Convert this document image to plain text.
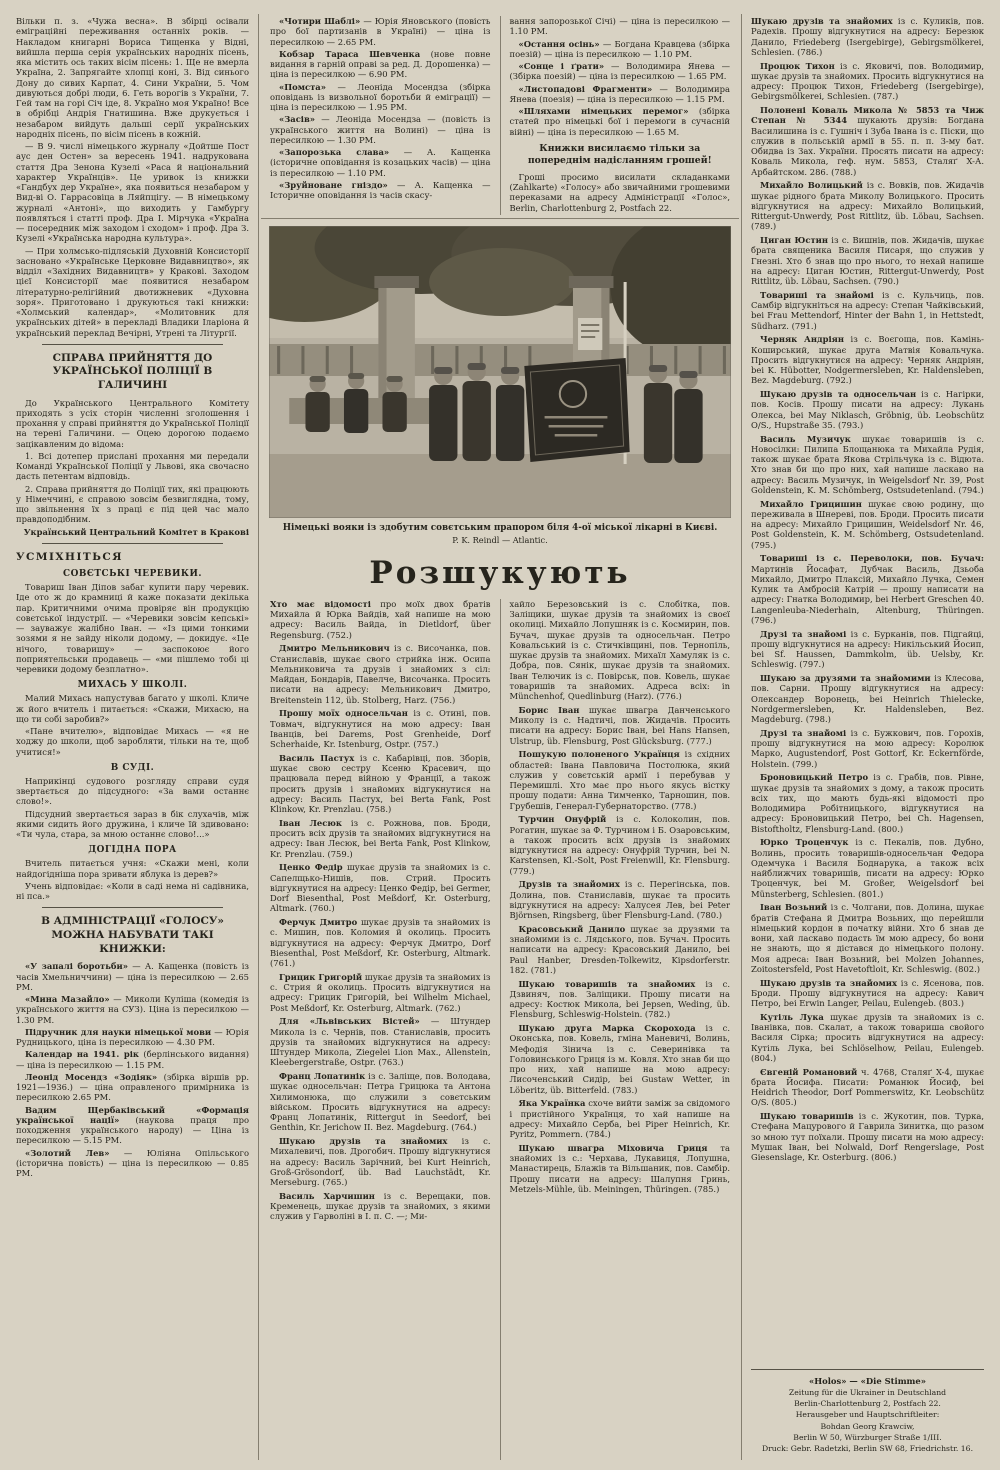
Вільки п. з. «Чужа весна». В збірці осівали еміграційні переживання останніх років. — Накладом книгарні Вориса Тищенка у Відні, вийшла перша серія українських народніх пісень, яка містить ось таких вісім пісень: 1. Ще не вмерла Україна, 2. Запрягайте хлопці коні, 3. Від синього Дону до сивих Карпат, 4. Сини України, 5. Чом дивуються добрі люди, 6. Геть ворогів з України, 7. Гей там на горі Січ іде, 8. Україно моя Україно! Все в обрібці Андрія Гнатишина. Вже друкується і незабаром вийдуть дальші серії українських народніх пісень, по вісім пісень в кожній.
— В 9. числі німецького журналу «Дойтше Пост аус ден Остен» за вересень 1941. надрукована стаття Дра Зенона Кузелі «Раса й національний характер Українців». Це уривок із книжки «Гандбух дер Україне», яка появиться незабаром у Вид-ві О. Гаррасовіца в Ляйпцігу. — В німецькому журналі «Антоні», що виходить у Гамбургу появляться і статті проф. Дра І. Мірчука «Україна — посередник між заходом і сходом» і проф. Дра З. Кузелі «Українська народна культура».
— При холмсько-підляській Духовній Консисторії засновано «Українське Церковне Видавництво», як відділ «Західних Видавництв» у Кракові. Заходом цієї Консисторії має появитися незабаром літературно-релігійний двотижневик «Духовна зоря». Приготовано і друкуються такі книжки: «Холмський календар», «Молитовник для українських дітей» в перекладі Владики Іларіона й український переклад Вечірні, Утрені та Літургії.
СПРАВА ПРИЙНЯТТЯ ДО УКРАЇНСЬКОЇ ПОЛІЦІЇ В ГАЛИЧИНІ
До Українського Центрального Комітету приходять з усіх сторін численні зголошення і прохання у справі прийняття до Української Поліції на терені Галичини. — Оцею дорогою подаємо зацікавленим до відома:
1. Всі дотепер прислані прохання ми передали Команді Української Поліції у Львові, яка свочасно дасть петентам відповідь.
2. Справа прийняття до Поліції тих, які працюють у Німеччині, є справою зовсім безвиглядна, тому, що звільнення їх з праці є під цей час мало правдоподібним.
Український Центральний Комітет в Кракові
УСМІХНІТЬСЯ
СОВЄТСЬКІ ЧЕРЕВИКИ.
Товариш Іван Діпов забаг купити пару черевик. Іде ото ж до крамниці й каже показати декілька пар. Критичними очима провіряє він продукцію совєтської індустрії. — «Черевики зовсім кепські» — зауважує жалібно Іван. — «Із цими тонкими зозями я не зайду ніколи додому, — докидує. «Це нічого, товаришу» — заспокоює його поприятельськи продавець — «ми пішлемо тобі ці черевики додому безплатно».
МИХАСЬ У ШКОЛІ.
Малий Михась напустував багато у школі. Кличе ж його вчитель і питається: «Скажи, Михасю, на що ти собі заробив?»
«Пане вчителю», відповідає Михась — «я не ходжу до школи, щоб заробляти, тільки на те, щоб учитися!»
В СУДІ.
Наприкінці судового розгляду справи судя звертається до підсудного: «За вами останнє слово!».
Підсудний звертається зараз в бік слухачів, між якими сидить його дружина, і кличе їй здивовано: «Ти чула, стара, за мною останнє слово!...»
ДОГІДНА ПОРА
Вчитель питається учня: «Скажи мені, коли найдогідніша пора зривати яблука із дерев?»
Учень відповідає: «Коли в саді нема ні садівника, ні пса.»
В АДМІНІСТРАЦІЇ «ГОЛОСУ» МОЖНА НАБУВАТИ ТАКІ КНИЖКИ:
«У запалі боротьби» — А. Кащенка (повість із часів Хмельниччини) — ціна із пересилкою — 2.65 РМ.
«Мина Мазайло» — Миколи Куліша (комедія із українського життя на СУЗ). Ціна із пересилкою — 1.30 РМ.
Підручник для науки німецької мови — Юрія Рудницького, ціна із пересилкою — 4.30 РМ.
Календар на 1941. рік (берлінського видання) — ціна із пересилкою — 1.15 РМ.
Леонід Мосендз «Зодіяк» (збірка віршів рр. 1921—1936.) — ціна оправленого примірника із пересилкою 2.65 РМ.
Вадим Щербаківський «Формація української нації» (наукова праця про походження українського народу) — Ціна із пересилкою — 5.15 РМ.
«Золотий Лев» — Юліяна Опільського (історична повість) — ціна із пересилкою — 0.85 РМ.
«Чотири Шаблі» — Юрія Яновського (повість про бої партизанів в Україні) — ціна із пересилкою — 2.65 РМ.
Кобзар Тараса Шевченка (нове повне видання в гарній оправі за ред. Д. Дорошенка) — ціна із пересилкою — 6.90 РМ.
«Помста» — Леоніда Мосендза (збірка оповідань із визвольної боротьби й еміграції) — ціна із пересилкою — 1.95 РМ.
«Засів» — Леоніда Мосендза — (повість із українського життя на Волині) — ціна із пересилкою — 1.30 РМ.
«Запорозька слава» — А. Кащенка (історичне оповідання із козацьких часів) — ціна із пересилкою — 1.10 РМ.
«Зруйноване гніздо» — А. Кащенка — Історичне оповідання із часів скасу-
вання запорозької Січі) — ціна із пересилкою — 1.10 РМ.
«Остання осінь» — Богдана Кравцева (збірка поезій) — ціна із пересилкою — 1.10 РМ.
«Сонце і ґрати» — Володимира Янева — (Збірка поезій) — ціна із пересилкою — 1.65 РМ.
«Листопадові Фрагменти» — Володимира Янева (поезія) — ціна із пересилкою — 1.15 РМ.
«Шляхами німецьких перемог» (збірка статей про німецькі бої і перемоги в сучасній війні) — ціна із пересилкою — 1.65 М.
Книжки висилаємо тільки за попереднім надісланням грошей!
Гроші просимо висилати складанками (Zahlkarte) «Голосу» або звичайними грошевими переказами на адресу Адміністрації «Голос», Berlin, Charlottenburg 2, Postfach 22.
Німецькі вояки із здобутим совєтським прапором біля 4-ої міської лікарні в Києві.
P. K. Reindl — Atlantic.
Розшукують
Хто має відомості про моїх двох братів Михайла й Юрка Вайдів, хай напише на мою адресу: Василь Вайда, in Dietldorf, über Regensburg. (752.)
Дмитро Мельникович із с. Височанка, пов. Станиславів, шукає свого стрийка інж. Осипа Мельниковича та друзів і знайомих з сіл: Майдан, Бондарів, Павелче, Височанка. Просить писати на адресу: Мельникович Дмитро, Breitenstein 112, üb. Stolberg, Harz. (756.)
Прошу моїх односельчан із с. Отині, пов. Товмач, відгукнутися на мою адресу: Іван Іванців, bei Darems, Post Grenheide, Dorf Scherhaide, Kr. Istenburg, Ostpr. (757.)
Василь Пастух із с. Кабарівці, пов. Зборів, шукає свою сестру Ксеню Красевич, що працювала перед війною у Франції, а також просить друзів і знайомих відгукнутися на адресу: Василь Пастух, bei Berta Fank, Post Klinkow, Kr. Prenzlau. (758.)
Іван Лесюк із с. Рожнова, пов. Броди, просить всіх друзів та знайомих відгукнутися на адресу: Іван Лесюк, bei Berta Fank, Post Klinkow, Kr. Prenzlau. (759.)
Ценко Федір шукає друзів та знайомих із с. Сапелщько-Нишів, пов. Стрий. Просить відгукнутися на адресу: Ценко Федір, bei Germer, Dorf Biesenthal, Post Meßdorf, Kr. Osterburg, Altmark. (760.)
Ферчук Дмитро шукає друзів та знайомих із с. Мишин, пов. Коломия й околиць. Просить відгукнутися на адресу: Ферчук Дмитро, Dorf Biesenthal, Post Meßdorf, Kr. Osterburg, Altmark. (761.)
Грицик Григорій шукає друзів та знайомих із с. Стрия й околиць. Просить відгукнутися на адресу: Грицик Григорій, bei Wilhelm Michael, Post Meßdorf, Kr. Osterburg, Altmark. (762.)
Для «Львівських Вістей» — Штундер Микола із с. Чернів, пов. Станиславів, просить друзів та знайомих відгукнутися на адресу: Штундер Микола, Ziegelei Lion Max., Allenstein, Kleebergerstraße, Ostpr. (763.)
Франц Лопатинік із с. Заліще, пов. Володава, шукає односельчан: Петра Грицюка та Антона Хилимонюка, що служили з совєтським військом. Просить відгукнутися на адресу: Франц Лопатинік, Rittergut in Seedorf, bei Genthin, Kr. Jerichow II. Bez. Magdeburg. (764.)
Шукаю друзів та знайомих із с. Михалевичі, пов. Дрогобич. Прошу відгукнутися на адресу: Василь Зарічний, bei Kurt Heinrich, Groß-Grösondorf, üb. Bad Lauchstädt, Kr. Merseburg. (765.)
Василь Харчишин із с. Верещаки, пов. Кременець, шукає друзів та знайомих, з якими служив у Гарволіні в І. п. С. —; Ми-
хайло Березовський із с. Слобітка, пов. Заліщики, шукає друзів та знайомих із своєї околиці. Михайло Лопушняк із с. Космирин, пов. Бучач, шукає друзів та односельчан. Петро Ковальський із с. Стичківщині, пов. Тернопіль, шукає друзів та знайомих. Михаїл Хамуляк із с. Добра, пов. Сянік, шукає друзів та знайомих. Іван Телючик із с. Повірськ, пов. Ковель, шукає товаришів та знайомих. Адреса всіх: in Münchenhof, Quedlinburg (Harz). (776.)
Борис Іван шукає швагра Данченського Миколу із с. Надтичі, пов. Жидачів. Просить писати на адресу: Борис Іван, bei Hans Hansen, Ulstrup, üb. Flensburg, Post Glücksburg. (777.)
Пошукую полоненого Українця із східних областей: Івана Павловича Постолюка, який служив у совєтській армії і перебував у Перемишлі. Хто має про нього якусь вістку прошу подати: Анна Тимченко, Тарношин, пов. Грубешів, Генерал-Губернаторство. (778.)
Турчин Онуфрій із с. Колоколин, пов. Рогатин, шукає за Ф. Турчином і Б. Озаровським, а також просить всіх друзів із знайомих відгукнутися на адресу: Онуфрій Турчин, bei N. Karstensen, Kl.-Solt, Post Freienwill, Kr. Flensburg. (779.)
Друзів та знайомих із с. Перегінська, пов. Долина, пов. Станиславів, шукає та просить відгукнутися на адресу: Халусея Лев, bei Peter Björnsen, Ringsberg, über Flensburg-Land. (780.)
Красовський Данило шукає за друзями та знайомими із с. Лядського, пов. Бучач. Просить написати на адресу: Красовський Данило, bei Paul Hanber, Dresden-Tolkewitz, Kipsdorferstr. 182. (781.)
Шукаю товаришів та знайомих із с. Дзвиняч, пов. Заліщики. Прошу писати на адресу: Костюк Микола, bei Jepsen, Weding, üb. Flensburg, Schleswig-Holstein. (782.)
Шукаю друга Марка Скорохода із с. Оконська, пов. Ковель, гміна Маневичі, Волинь, Мефодія Зінича із с. Северинівка та Головинського Гриця із м. Ковля. Хто знав би що про них, хай напише на мою адресу: Лисоченський Сидір, bei Gustaw Wetter, in Löberitz, üb. Bitterfeld. (783.)
Яка Українка схоче вийти заміж за свідомого і пристійного Українця, то хай напише на адресу: Михайло Серба, bei Piper Heinrich, Kr. Pyritz, Pommern. (784.)
Шукаю швагра Міховича Гриця та знайомих із с.: Черхава, Лукавиця, Лопушна, Манастирець, Блажів та Вільшаник, пов. Самбір. Прошу писати на адресу: Шалупня Гринь, Metzels-Mühle, üb. Meiningen, Thüringen. (785.)
Шукаю друзів та знайомих із с. Куликів, пов. Радехів. Прошу відгукнутися на адресу: Березюк Данило, Friedeberg (Isergebirge), Gebirgsmölkerei, Schlesien. (786.)
Процюк Тихон із с. Яковичі, пов. Володимир, шукає друзів та знайомих. Просить відгукнутися на адресу: Процюк Тихон, Friedeberg (Isergebirge), Gebirgsmölkerei, Schlesien. (787.)
Полонені Коваль Микола № 5853 та Чиж Степан № 5344 шукають друзів: Богдана Василишина із с. Гушніч і Зуба Івана із с. Піски, що служив в польській армії в 55. п. п. 3-му бат. Обидва із Зах. України. Просять писати на адресу: Коваль Микола, геф. нум. 5853, Сталяґ X-А. Арбайтском. 286. (788.)
Михайло Волицький із с. Вовків, пов. Жидачів шукає рідного брата Миколу Волицького. Просить відгукнутися на адресу: Михайло Волицький, Rittergut-Unwerdy, Post Rittlitz, üb. Löbau, Sachsen. (789.)
Циган Юстин із с. Вишнів, пов. Жидачів, шукає брата священика Василя Писаря, що служив у Гнезні. Хто б знав що про нього, то нехай напише на адресу: Циган Юстин, Rittergut-Unwerdy, Post Rittlitz, üb. Löbau, Sachsen. (790.)
Товариші та знайомі із с. Кульчиць, пов. Самбір відгукніться на адресу: Степан Чайківський, bei Frau Mettendorf, Hinter der Bahn 1, in Hettstedt, Südharz. (791.)
Черняк Андріян із с. Воєгоща, пов. Камінь-Коширський, шукає друга Матвія Ковальчука. Просить відгукнутися на адресу: Черняк Андріян, bei K. Hübotter, Nodgermersleben, Kr. Haldensleben, Bez. Magdeburg. (792.)
Шукаю друзів та односельчан із с. Нагірки, пов. Косів. Прошу писати на адресу: Лукань Олекса, bei May Niklasch, Gröbnig, üb. Leobschütz O/S., Hupstraße 35. (793.)
Василь Музичук шукає товаришів із с. Новосілки: Пилипа Блощанюка та Михайла Рудія, також шукає брата Якова Стрільчука із с. Відюта. Хто знав би що про них, хай напише ласкаво на адресу: Василь Музичук, in Weigelsdorf Nr. 39, Post Goldenstein, K. M. Schömberg, Ostsudetenland. (794.)
Михайло Грицишин шукає свою родину, що переживала в Шнереві, пов. Броди. Просить писати на адресу: Михайло Грицишин, Weidelsdorf Nr. 46, Post Goldenstein, K. M. Schömberg, Ostsudetenland. (795.)
Товариші із с. Переволоки, пов. Бучач: Мартинів Йосафат, Дубчак Василь, Дзьоба Михайло, Дмитро Плаксій, Михайло Лучка, Семен Кулик та Амбросій Катрій — прошу написати на адресу: Гнатка Володимир, bei Herbert Greschen 40. Langenleuba-Niederhain, Altenburg, Thüringen. (796.)
Друзі та знайомі із с. Бурканів, пов. Підгайці, прошу відгукнутися на адресу: Никільський Йосип, bei Sf. Haussen, Dammkolm, üb. Uelsby, Kr. Schleswig. (797.)
Шукаю за друзями та знайомими із Клесова, пов. Сарни. Прошу відгукнутися на адресу: Олександер Воронець, bei Heinrich Thielecke, Nordgermersleben, Kr. Haldensleben, Bez. Magdeburg. (798.)
Друзі та знайомі із с. Бужкович, пов. Горохів, прошу відгукнутися на мою адресу: Королюк Марко, Augustendorf, Post Gottorf, Kr. Eckernförde, Holstein. (799.)
Броновицький Петро із с. Грабів, пов. Рівне, шукає друзів та знайомих з дому, а також просить всіх тих, що мають будь-які відомості про Володимира Робітницького, відгукнутися на адресу: Броновицький Петро, bei Ch. Hagensen, Bistoftholtz, Flensburg-Land. (800.)
Юрко Троценчук із с. Пекалів, пов. Дубно, Волинь, просить товаришів-односельчан Федора Одемчука і Василя Боднарука, а також всіх найближчих товаришів, писати на адресу: Юрко Троценчук, bei M. Großer, Weigelsdorf bei Münsterberg, Schlesien. (801.)
Іван Возьний із с. Чолгани, пов. Долина, шукає братів Стефана й Дмитра Возьних, що перейшли німецький кордон в початку війни. Хто б знав де вони, хай ласкаво подасть їм мою адресу, бо вони не знають, що я дістався до німецького полону. Моя адреса: Іван Возьний, bei Molzen Johannes, Zoitostersfeld, Post Havetoftloit, Kr. Schleswig. (802.)
Шукаю друзів та знайомих із с. Ясенова, пов. Броди. Прошу відгукнутися на адресу: Кавич Петро, bei Erwin Langer, Peilau, Eulengeb. (803.)
Кутіль Лука шукає друзів та знайомих із с. Іванівка, пов. Скалат, а також товариша свойого Василя Сірка; просить відгукнутися на адресу: Кутіль Лука, bei Schlöselhow, Peilau, Eulengeb. (804.)
Євгеній Романовий ч. 4768, Сталяґ X-4, шукає брата Йосифа. Писати: Романюк Йосиф, bei Heidrich Theodor, Dorf Pommerswitz, Kr. Leobschütz O/S. (805.)
Шукаю товаришів із с. Жукотин, пов. Турка, Стефана Мацурового й Гаврила Зинитка, що разом зо мною тут поїхали. Прошу писати на мою адресу: Мушак Іван, bei Nolwald, Dorf Rengerslage, Post Giesenslage, Kr. Osterburg. (806.)
«Holos» — «Die Stimme»
Zeitung für die Ukrainer in Deutschland
Berlin-Charlottenburg 2, Postfach 22.
Herausgeber und Hauptschriftleiter:
Bohdan Georg Krawciw,
Berlin W 50, Würzburger Straße 1/III.
Druck: Gebr. Radetzki, Berlin SW 68, Friedrichstr. 16.
